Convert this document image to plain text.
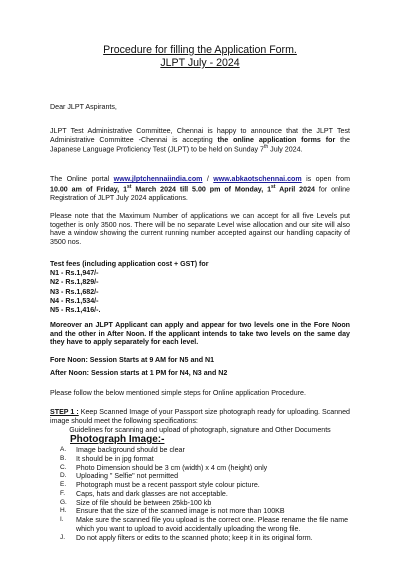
Procedure for filling the Application Form.
JLPT July - 2024
Dear JLPT Aspirants,
JLPT Test Administrative Committee, Chennai is happy to announce that the JLPT Test Administrative Committee -Chennai is accepting the online application forms for the Japanese Language Proficiency Test (JLPT) to be held on Sunday 7th July 2024.
The Online portal www.jlptchennaiindia.com / www.abkaotschennai.com is open from 10.00 am of Friday, 1st March 2024 till 5.00 pm of Monday, 1st April 2024 for online Registration of JLPT July 2024 applications.
Please note that the Maximum Number of applications we can accept for all five Levels put together is only 3500 nos. There will be no separate Level wise allocation and our site will also have a window showing the current running number accepted against our handling capacity of 3500 nos.
Test fees (including application cost + GST) for
N1 - Rs.1,947/-
N2 - Rs.1,829/-
N3 - Rs.1,682/-
N4 - Rs.1,534/-
N5 - Rs.1,416/-.
Moreover an JLPT Applicant can apply and appear for two levels one in the Fore Noon and the other in After Noon. If the applicant intends to take two levels on the same day they have to apply separately for each level.
Fore Noon: Session Starts at 9 AM for N5 and N1
After Noon: Session starts at 1 PM for N4, N3 and N2
Please follow the below mentioned simple steps for Online application Procedure.
STEP 1 : Keep Scanned Image of your Passport size photograph ready for uploading. Scanned image should meet the following specifications:
Guidelines for scanning and upload of photograph, signature and Other Documents
Photograph Image:-
A. Image background should be clear
B. It should be in jpg format
C. Photo Dimension should be 3 cm (width) x 4 cm (height) only
D. Uploading " Selfie" not permitted
E. Photograph must be a recent passport style colour picture.
F. Caps, hats and dark glasses are not acceptable.
G. Size of file should be between 25kb-100 kb
H. Ensure that the size of the scanned image is not more than 100KB
I. Make sure the scanned file you upload is the correct one. Please rename the file name which you want to upload to avoid accidentally uploading the wrong file.
J. Do not apply filters or edits to the scanned photo; keep it in its original form.
